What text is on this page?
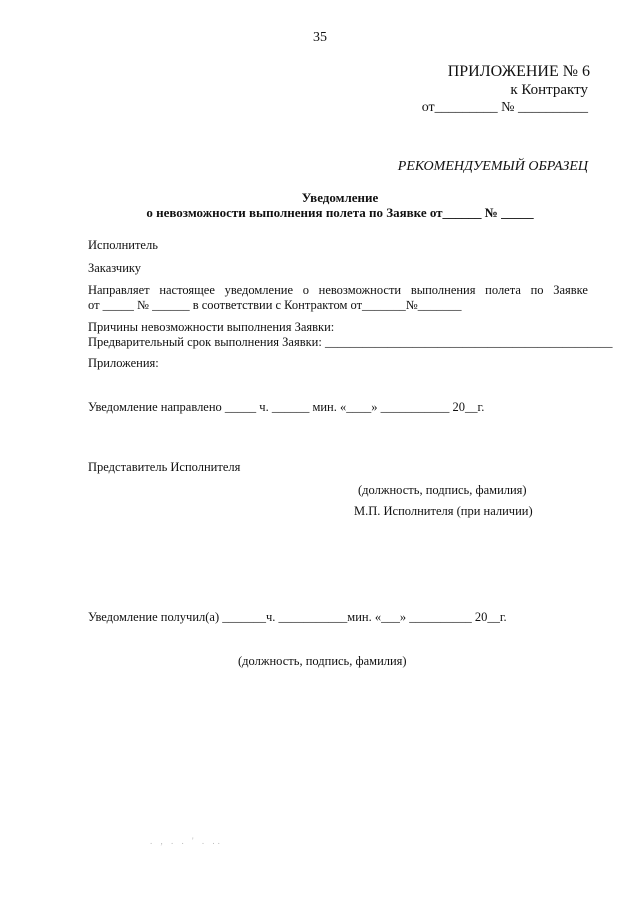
35
ПРИЛОЖЕНИЕ № 6
к Контракту
от_________ № __________
РЕКОМЕНДУЕМЫЙ ОБРАЗЕЦ
Уведомление
о невозможности выполнения полета по Заявке от______ № _____
Исполнитель
Заказчику
Направляет настоящее уведомление о невозможности выполнения полета по Заявке
от _____ № ______ в соответствии с Контрактом от_______№_______
Причины невозможности выполнения Заявки:
Предварительный срок выполнения Заявки: ______________________________________________
Приложения:
Уведомление направлено _____ ч. ______ мин. «____» ___________ 20__г.
Представитель Исполнителя
(должность, подпись, фамилия)
М.П. Исполнителя (при наличии)
Уведомление получил(а) _______ч. ___________мин. «___» __________ 20__г.
(должность, подпись, фамилия)
. , . . ' . ..
